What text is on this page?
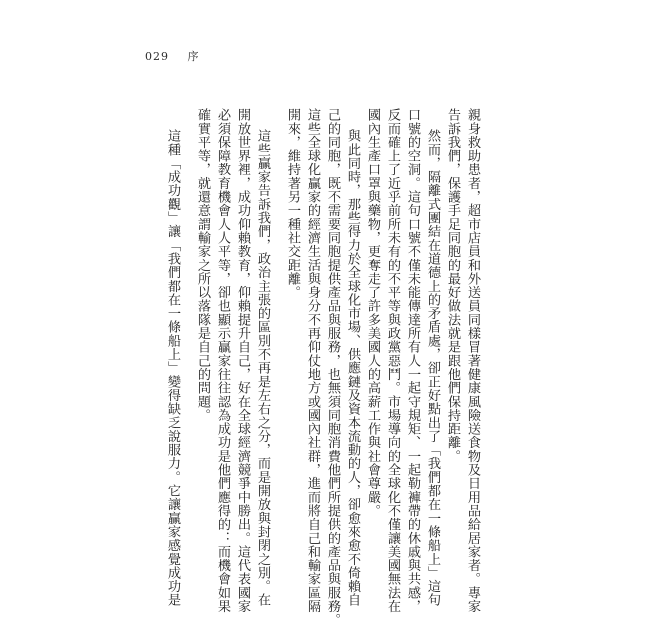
029 序
親身救助患者，超市店員和外送員同樣冒著健康風險送食物及日用品給居家者。專家
告訴我們，保護手足同胞的最好做法就是跟他們保持距離。
然而，隔離式團結在道德上的矛盾處，卻正好點出了「我們都在一條船上」這句
口號的空洞。這句口號不僅未能傳達所有人一起守規矩、一起勒褲帶的休戚與共感，
反而確上了近乎前所未有的不平等與政黨惡鬥。市場導向的全球化不僅讓美國無法在
國內生產口罩與藥物，更奪走了許多美國人的高薪工作與社會尊嚴。
與此同時，那些得力於全球化市場、供應鏈及資本流動的人，卻愈來愈不倚賴自
己的同胞，既不需要同胞提供產品與服務，也無須同胞消費他們所提供的產品與服務。
這些全球化贏家的經濟生活與身分不再仰仗地方或國內社群，進而將自己和輸家區隔
開來，維持著另一種社交距離。
這些贏家告訴我們，政治主張的區別不再是左右之分，而是開放與封閉之別。在
開放世界裡，成功仰賴教育，仰賴提升自己，好在全球經濟競爭中勝出。這代表國家
必須保障教育機會人人平等，卻也顯示贏家往往認為成功是他們應得的：而機會如果
確實平等，就還意謂輸家之所以落隊是自己的問題。
這種「成功觀」讓「我們都在一條船上」變得缺乏說服力。它讓贏家感覺成功是
